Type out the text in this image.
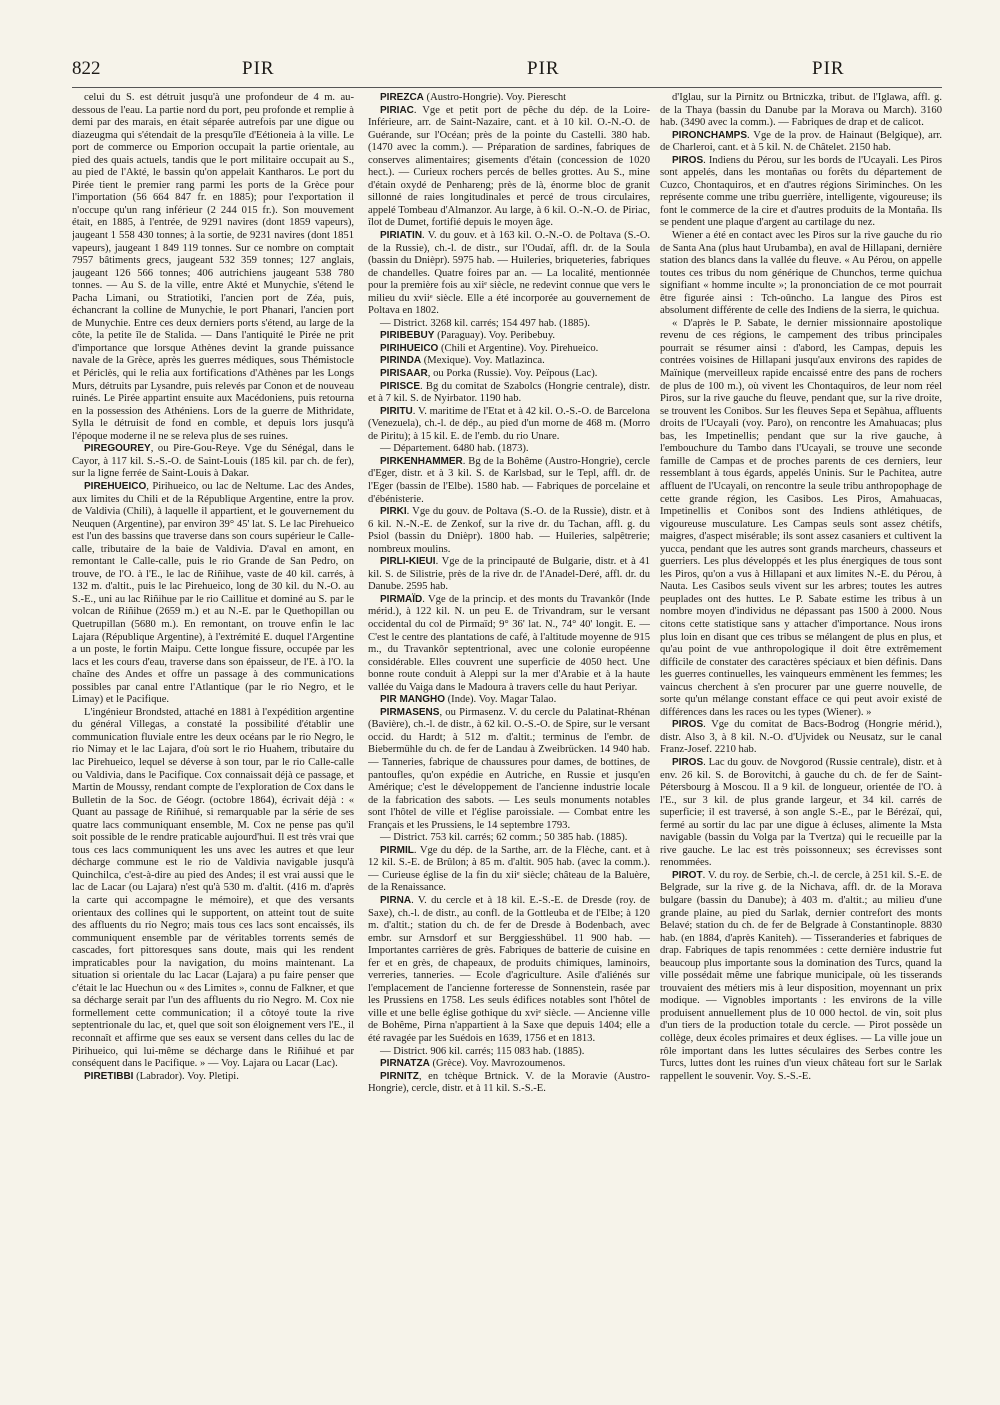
822	PIR	PIR	PIR

celui du S. est détruit jusqu'à une profondeur de 4 m. au-dessous de l'eau. La partie nord du port, peu profonde et remplie à demi par des marais, en était séparée autrefois par une digue ou diazeugma qui s'étendait de la presqu'île d'Eétioneia à la ville. Le port de commerce ou Emporion occupait la partie orientale, au pied des quais actuels, tandis que le port militaire occupait au S., au pied de l'Akté, le bassin qu'on appelait Kantharos. Le port du Pirée tient le premier rang parmi les ports de la Grèce pour l'importation (56 664 847 fr. en 1885); pour l'exportation il n'occupe qu'un rang inférieur (2 244 015 fr.). Son mouvement était, en 1885, à l'entrée, de 9291 navires (dont 1859 vapeurs), jaugeant 1 558 430 tonnes; à la sortie, de 9231 navires (dont 1851 vapeurs), jaugeant 1 849 119 tonnes. Sur ce nombre on comptait 7957 bâtiments grecs, jaugeant 532 359 tonnes; 127 anglais, jaugeant 126 566 tonnes; 406 autrichiens jaugeant 538 780 tonnes. — Au S. de la ville, entre Akté et Munychie, s'étend le Pacha Limani, ou Stratiotiki, l'ancien port de Zéa, puis, échancrant la colline de Munychie, le port Phanari, l'ancien port de Munychie. Entre ces deux derniers ports s'étend, au large de la côte, la petite île de Stalida. — Dans l'antiquité le Pirée ne prit d'importance que lorsque Athènes devint la grande puissance navale de la Grèce, après les guerres médiques, sous Thémistocle et Périclès, qui le relia aux fortifications d'Athènes par les Longs Murs, détruits par Lysandre, puis relevés par Conon et de nouveau ruinés. Le Pirée appartint ensuite aux Macédoniens, puis retourna en la possession des Athéniens. Lors de la guerre de Mithridate, Sylla le détruisit de fond en comble, et depuis lors jusqu'à l'époque moderne il ne se releva plus de ses ruines.

PIREGOUREY, ou Pire-Gou-Reye. Vge du Sénégal, dans le Cayor, à 117 kil. S.-S.-O. de Saint-Louis (185 kil. par ch. de fer), sur la ligne ferrée de Saint-Louis à Dakar.

PIREHUEICO, Pirihueico, ou lac de Neltume. Lac des Andes, aux limites du Chili et de la République Argentine, entre la prov. de Valdivia (Chili), à laquelle il appartient, et le gouvernement du Neuquen (Argentine), par environ 39° 45' lat. S. Le lac Pirehueico est l'un des bassins que traverse dans son cours supérieur le Calle-calle, tributaire de la baie de Valdivia. D'aval en amont, en remontant le Calle-calle, puis le rio Grande de San Pedro, on trouve, de l'O. à l'E., le lac de Riñihue, vaste de 40 kil. carrés, à 132 m. d'altit., puis le lac Pirehueico, long de 30 kil. du N.-O. au S.-E., uni au lac Riñihue par le rio Caillitue et dominé au S. par le volcan de Riñihue (2659 m.) et au N.-E. par le Quethopillan ou Quetrupillan (5680 m.). En remontant, on trouve enfin le lac Lajara (République Argentine), à l'extrémité E. duquel l'Argentine a un poste, le fortin Maipu. Cette longue fissure, occupée par les lacs et les cours d'eau, traverse dans son épaisseur, de l'E. à l'O. la chaîne des Andes et offre un passage à des communications possibles par canal entre l'Atlantique (par le rio Negro, et le Limay) et le Pacifique.

L'ingénieur Brondsted, attaché en 1881 à l'expédition argentine du général Villegas, a constaté la possibilité d'établir une communication fluviale entre les deux océans par le rio Negro, le rio Nimay et le lac Lajara, d'où sort le rio Huahem, tributaire du lac Pirehueico, lequel se déverse à son tour, par le rio Calle-calle ou Valdivia, dans le Pacifique. Cox connaissait déjà ce passage, et Martin de Moussy, rendant compte de l'exploration de Cox dans le Bulletin de la Soc. de Géogr. (octobre 1864), écrivait déjà : « Quant au passage de Riñihué, si remarquable par la série de ses quatre lacs communiquant ensemble, M. Cox ne pense pas qu'il soit possible de le rendre praticable aujourd'hui. Il est très vrai que tous ces lacs communiquent les uns avec les autres et que leur décharge commune est le rio de Valdivia navigable jusqu'à Quinchilca, c'est-à-dire au pied des Andes; il est vrai aussi que le lac de Lacar (ou Lajara) n'est qu'à 530 m. d'altit. (416 m. d'après la carte qui accompagne le mémoire), et que des versants orientaux des collines qui le supportent, on atteint tout de suite des affluents du rio Negro; mais tous ces lacs sont encaissés, ils communiquent ensemble par de véritables torrents semés de cascades, fort pittoresques sans doute, mais qui les rendent impraticables pour la navigation, du moins maintenant. La situation si orientale du lac Lacar (Lajara) a pu faire penser que c'était le lac Huechun ou « des Limites », connu de Falkner, et que sa décharge serait par l'un des affluents du rio Negro. M. Cox nie formellement cette communication; il a côtoyé toute la rive septentrionale du lac, et, quel que soit son éloignement vers l'E., il reconnaît et affirme que ses eaux se versent dans celles du lac de Pirihueico, qui lui-même se décharge dans le Riñihué et par conséquent dans le Pacifique. » — Voy. Lajara ou Lacar (Lac).

PIRETIBBI (Labrador). Voy. Pletipi.

PIREZCA (Austro-Hongrie). Voy. Pierescht

PIRIAC. Vge et petit port de pêche du dép. de la Loire-Inférieure, arr. de Saint-Nazaire, cant. et à 10 kil. O.-N.-O. de Guérande, sur l'Océan; près de la pointe du Castelli. 380 hab. (1470 avec la comm.). — Préparation de sardines, fabriques de conserves alimentaires; gisements d'étain (concession de 1020 hect.). — Curieux rochers percés de belles grottes. Au S., mine d'étain oxydé de Penhareng; près de là, énorme bloc de granit sillonné de raies longitudinales et percé de trous circulaires, appelé Tombeau d'Almanzor. Au large, à 6 kil. O.-N.-O. de Piriac, îlot de Dumet, fortifié depuis le moyen âge.

PIRIATIN. V. du gouv. et à 163 kil. O.-N.-O. de Poltava (S.-O. de la Russie), ch.-l. de distr., sur l'Oudaï, affl. dr. de la Soula (bassin du Dnièpr). 5975 hab. — Huileries, briqueteries, fabriques de chandelles. Quatre foires par an. — La localité, mentionnée pour la première fois au xiiᵉ siècle, ne redevint connue que vers le milieu du xviiᵉ siècle. Elle a été incorporée au gouvernement de Poltava en 1802.

— District. 3268 kil. carrés; 154 497 hab. (1885).

PIRIBEBUY (Paraguay). Voy. Peribebuy.

PIRIHUEICO (Chili et Argentine). Voy. Pirehueico.

PIRINDA (Mexique). Voy. Matlazinca.

PIRISAAR, ou Porka (Russie). Voy. Peïpous (Lac).

PIRISCE. Bg du comitat de Szabolcs (Hongrie centrale), distr. et à 7 kil. S. de Nyirbator. 1190 hab.

PIRITU. V. maritime de l'Etat et à 42 kil. O.-S.-O. de Barcelona (Venezuela), ch.-l. de dép., au pied d'un morne de 468 m. (Morro de Piritu); à 15 kil. E. de l'emb. du rio Unare.

— Département. 6480 hab. (1873).

PIRKENHAMMER. Bg de la Bohême (Austro-Hongrie), cercle d'Eger, distr. et à 3 kil. S. de Karlsbad, sur le Tepl, affl. dr. de l'Eger (bassin de l'Elbe). 1580 hab. — Fabriques de porcelaine et d'ébénisterie.

PIRKI. Vge du gouv. de Poltava (S.-O. de la Russie), distr. et à 6 kil. N.-N.-E. de Zenkof, sur la rive dr. du Tachan, affl. g. du Psiol (bassin du Dnièpr). 1800 hab. — Huileries, salpêtrerie; nombreux moulins.

PIRLI-KIEUI. Vge de la principauté de Bulgarie, distr. et à 41 kil. S. de Silistrie, près de la rive dr. de l'Anadel-Deré, affl. dr. du Danube. 2595 hab.

PIRMAÏD. Vge de la princip. et des monts du Travankôr (Inde mérid.), à 122 kil. N. un peu E. de Trivandram, sur le versant occidental du col de Pirmaïd; 9° 36' lat. N., 74° 40' longit. E. — C'est le centre des plantations de café, à l'altitude moyenne de 915 m., du Travankôr septentrional, avec une colonie européenne considérable. Elles couvrent une superficie de 4050 hect. Une bonne route conduit à Aleppi sur la mer d'Arabie et à la haute vallée du Vaiga dans le Madoura à travers celle du haut Periyar.

PIR MANGHO (Inde). Voy. Magar Talao.

PIRMASENS, ou Pirmasenz. V. du cercle du Palatinat-Rhénan (Bavière), ch.-l. de distr., à 62 kil. O.-S.-O. de Spire, sur le versant occid. du Hardt; à 512 m. d'altit.; terminus de l'embr. de Biebermühle du ch. de fer de Landau à Zweibrücken. 14 940 hab. — Tanneries, fabrique de chaussures pour dames, de bottines, de pantoufles, qu'on expédie en Autriche, en Russie et jusqu'en Amérique; c'est le développement de l'ancienne industrie locale de la fabrication des sabots. — Les seuls monuments notables sont l'hôtel de ville et l'église paroissiale. — Combat entre les Français et les Prussiens, le 14 septembre 1793.

— District. 753 kil. carrés; 62 comm.; 50 385 hab. (1885).

PIRMIL. Vge du dép. de la Sarthe, arr. de la Flèche, cant. et à 12 kil. S.-E. de Brûlon; à 85 m. d'altit. 905 hab. (avec la comm.). — Curieuse église de la fin du xiiᵉ siècle; château de la Baluère, de la Renaissance.

PIRNA. V. du cercle et à 18 kil. E.-S.-E. de Dresde (roy. de Saxe), ch.-l. de distr., au confl. de la Gottleuba et de l'Elbe; à 120 m. d'altit.; station du ch. de fer de Dresde à Bodenbach, avec embr. sur Arnsdorf et sur Berggiesshübel. 11 900 hab. — Importantes carrières de grès. Fabriques de batterie de cuisine en fer et en grès, de chapeaux, de produits chimiques, laminoirs, verreries, tanneries. — Ecole d'agriculture. Asile d'aliénés sur l'emplacement de l'ancienne forteresse de Sonnenstein, rasée par les Prussiens en 1758. Les seuls édifices notables sont l'hôtel de ville et une belle église gothique du xviᵉ siècle. — Ancienne ville de Bohême, Pirna n'appartient à la Saxe que depuis 1404; elle a été ravagée par les Suédois en 1639, 1756 et en 1813.

— District. 906 kil. carrés; 115 083 hab. (1885).

PIRNATZA (Grèce). Voy. Mavrozoumenos.

PIRNITZ, en tchèque Brtnick. V. de la Moravie (Austro-Hongrie), cercle, distr. et à 11 kil. S.-S.-E.

d'Iglau, sur la Pirnitz ou Brtniczka, tribut. de l'Iglawa, affl. g. de la Thaya (bassin du Danube par la Morava ou March). 3160 hab. (3490 avec la comm.). — Fabriques de drap et de calicot.

PIRONCHAMPS. Vge de la prov. de Hainaut (Belgique), arr. de Charleroi, cant. et à 5 kil. N. de Châtelet. 2150 hab.

PIROS. Indiens du Pérou, sur les bords de l'Ucayali. Les Piros sont appelés, dans les montañas ou forêts du département de Cuzco, Chontaquiros, et en d'autres régions Siriminches. On les représente comme une tribu guerrière, intelligente, vigoureuse; ils font le commerce de la cire et d'autres produits de la Montaña. Ils se pendent une plaque d'argent au cartilage du nez.

Wiener a été en contact avec les Piros sur la rive gauche du rio de Santa Ana (plus haut Urubamba), en aval de Hillapani, dernière station des blancs dans la vallée du fleuve. « Au Pérou, on appelle toutes ces tribus du nom générique de Chunchos, terme quichua signifiant « homme inculte »; la prononciation de ce mot pourrait être figurée ainsi : Tch-oûncho. La langue des Piros est absolument différente de celle des Indiens de la sierra, le quichua.

« D'après le P. Sabate, le dernier missionnaire apostolique revenu de ces régions, le campement des tribus principales pourrait se résumer ainsi : d'abord, les Campas, depuis les contrées voisines de Hillapani jusqu'aux environs des rapides de Maïnique (merveilleux rapide encaissé entre des pans de rochers de plus de 100 m.), où vivent les Chontaquiros, de leur nom réel Piros, sur la rive gauche du fleuve, pendant que, sur la rive droite, se trouvent les Conibos. Sur les fleuves Sepa et Sepàhua, affluents droits de l'Ucayali (voy. Paro), on rencontre les Amahuacas; plus bas, les Impetinellis; pendant que sur la rive gauche, à l'embouchure du Tambo dans l'Ucayali, se trouve une seconde famille de Campas et de proches parents de ces derniers, leur ressemblant à tous égards, appelés Uninis. Sur le Pachitea, autre affluent de l'Ucayali, on rencontre la seule tribu anthropophage de cette grande région, les Casibos. Les Piros, Amahuacas, Impetinellis et Conibos sont des Indiens athlétiques, de vigoureuse musculature. Les Campas seuls sont assez chétifs, maigres, d'aspect misérable; ils sont assez casaniers et cultivent la yucca, pendant que les autres sont grands marcheurs, chasseurs et guerriers. Les plus développés et les plus énergiques de tous sont les Piros, qu'on a vus à Hillapani et aux limites N.-E. du Pérou, à Nauta. Les Casibos seuls vivent sur les arbres; toutes les autres peuplades ont des huttes. Le P. Sabate estime les tribus à un nombre moyen d'individus ne dépassant pas 1500 à 2000. Nous citons cette statistique sans y attacher d'importance. Nous irons plus loin en disant que ces tribus se mélangent de plus en plus, et qu'au point de vue anthropologique il doit être extrêmement difficile de constater des caractères spéciaux et bien définis. Dans les guerres continuelles, les vainqueurs emmènent les femmes; les vaincus cherchent à s'en procurer par une guerre nouvelle, de sorte qu'un mélange constant efface ce qui peut avoir existé de différences dans les races ou les types (Wiener). »

PIROS. Vge du comitat de Bacs-Bodrog (Hongrie mérid.), distr. Also 3, à 8 kil. N.-O. d'Ujvidek ou Neusatz, sur le canal Franz-Josef. 2210 hab.

PIROS. Lac du gouv. de Novgorod (Russie centrale), distr. et à env. 26 kil. S. de Borovitchi, à gauche du ch. de fer de Saint-Pétersbourg à Moscou. Il a 9 kil. de longueur, orientée de l'O. à l'E., sur 3 kil. de plus grande largeur, et 34 kil. carrés de superficie; il est traversé, à son angle S.-E., par le Bérézaï, qui, fermé au sortir du lac par une digue à écluses, alimente la Msta navigable (bassin du Volga par la Tvertza) qui le recueille par la rive gauche. Le lac est très poissonneux; ses écrevisses sont renommées.

PIROT. V. du roy. de Serbie, ch.-l. de cercle, à 251 kil. S.-E. de Belgrade, sur la rive g. de la Nichava, affl. dr. de la Morava bulgare (bassin du Danube); à 403 m. d'altit.; au milieu d'une grande plaine, au pied du Sarlak, dernier contrefort des monts Belavé; station du ch. de fer de Belgrade à Constantinople. 8830 hab. (en 1884, d'après Kaniteh). — Tisseranderies et fabriques de drap. Fabriques de tapis renommées : cette dernière industrie fut beaucoup plus importante sous la domination des Turcs, quand la ville possédait même une fabrique municipale, où les tisserands trouvaient des métiers mis à leur disposition, moyennant un prix modique. — Vignobles importants : les environs de la ville produisent annuellement plus de 10 000 hectol. de vin, soit plus d'un tiers de la production totale du cercle. — Pirot possède un collège, deux écoles primaires et deux églises. — La ville joue un rôle important dans les luttes séculaires des Serbes contre les Turcs, luttes dont les ruines d'un vieux château fort sur le Sarlak rappellent le souvenir. Voy. S.-S.-E.
